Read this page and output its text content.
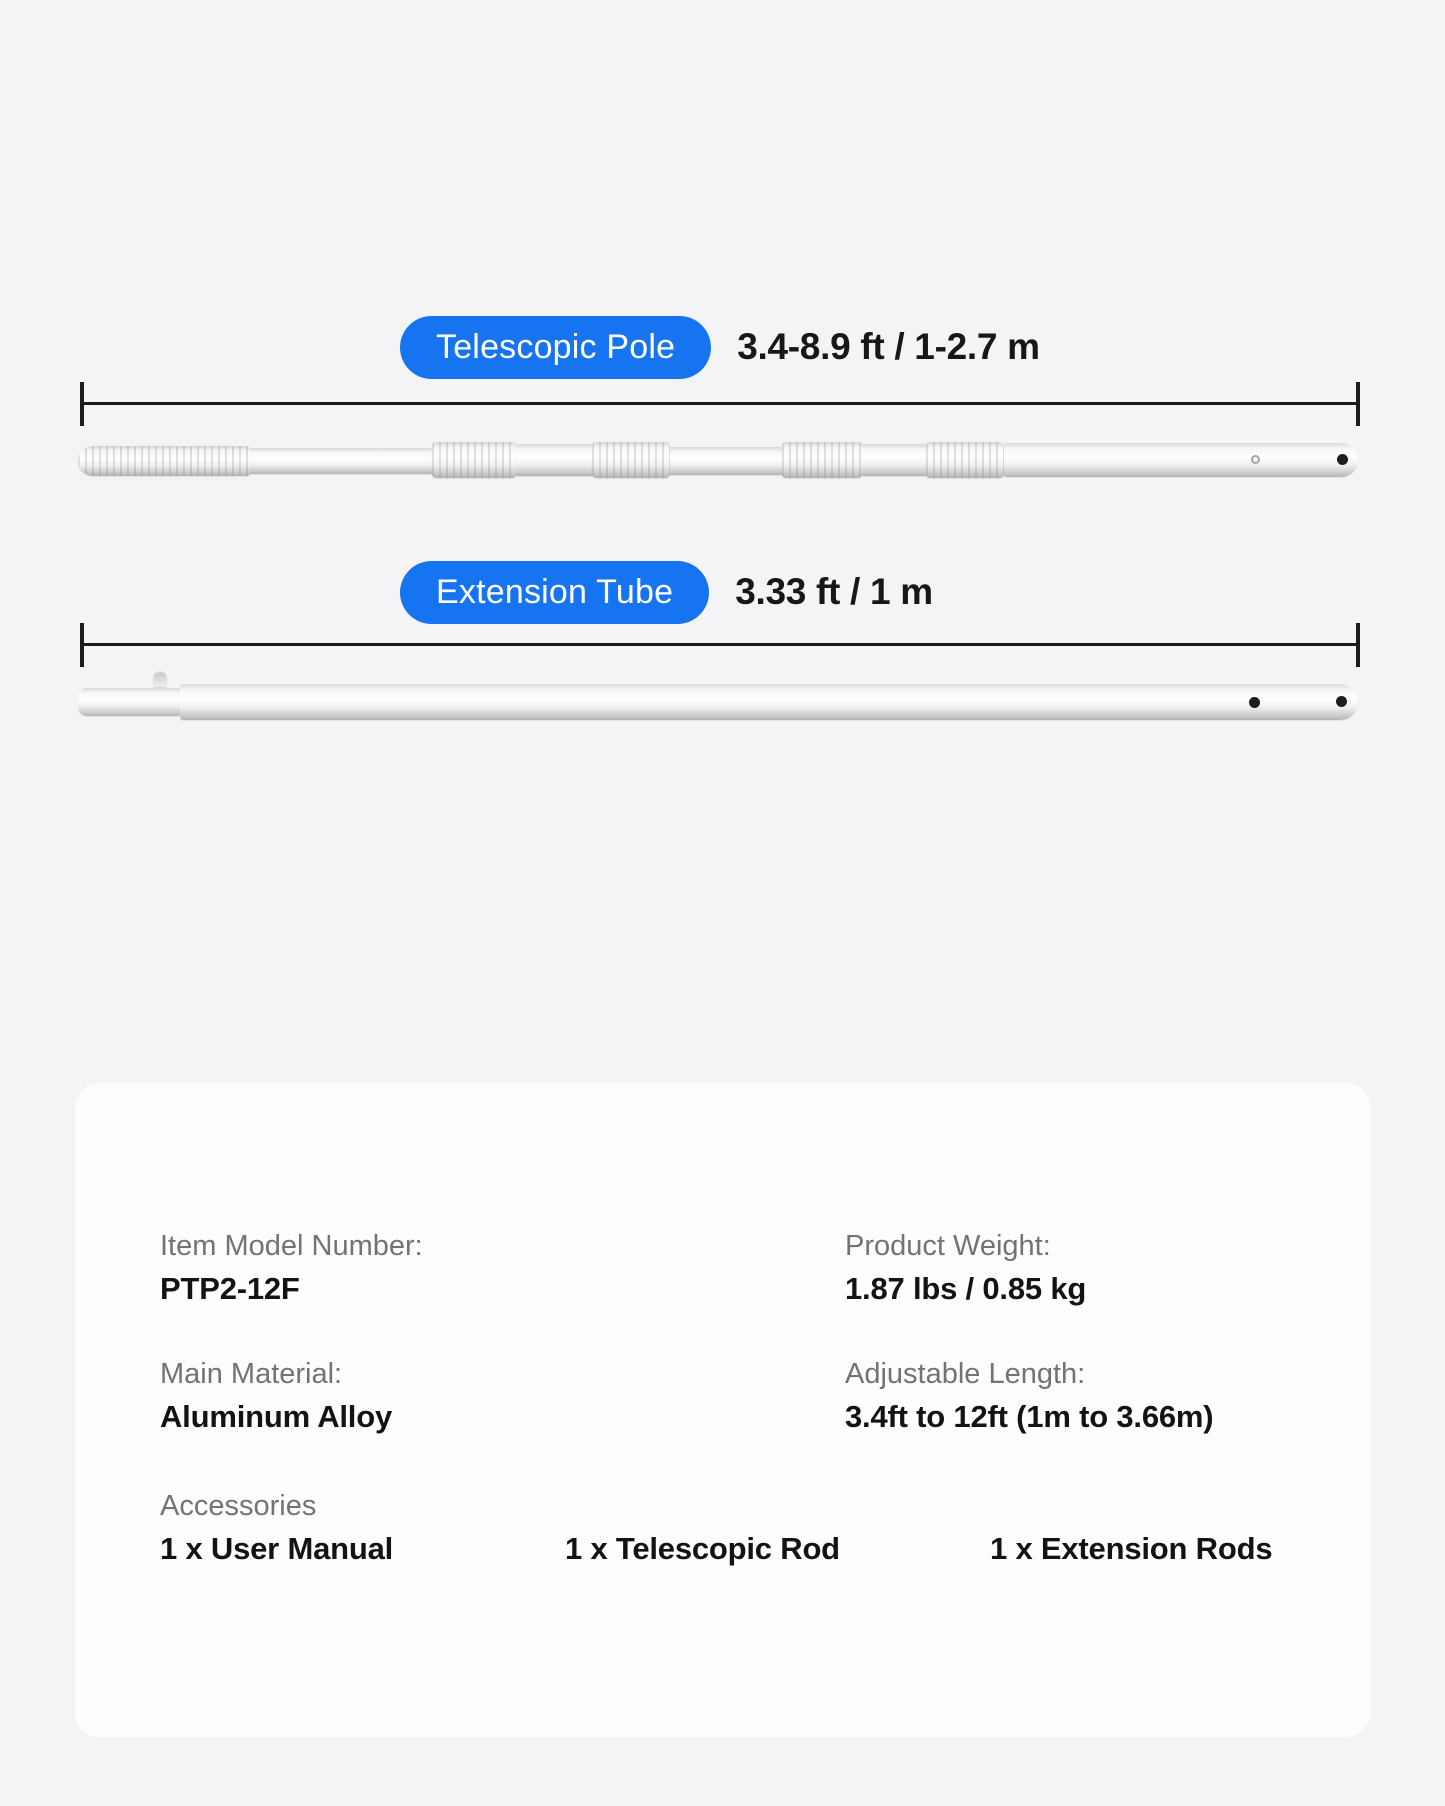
Telescopic Pole	3.4-8.9 ft / 1-2.7 m
Extension Tube	3.33 ft / 1 m
Item Model Number:
PTP2-12F
Product Weight:
1.87 lbs / 0.85 kg
Main Material:
Aluminum Alloy
Adjustable Length:
3.4ft to 12ft (1m to 3.66m)
Accessories
1 x User Manual	1 x Telescopic Rod	1 x Extension Rods
